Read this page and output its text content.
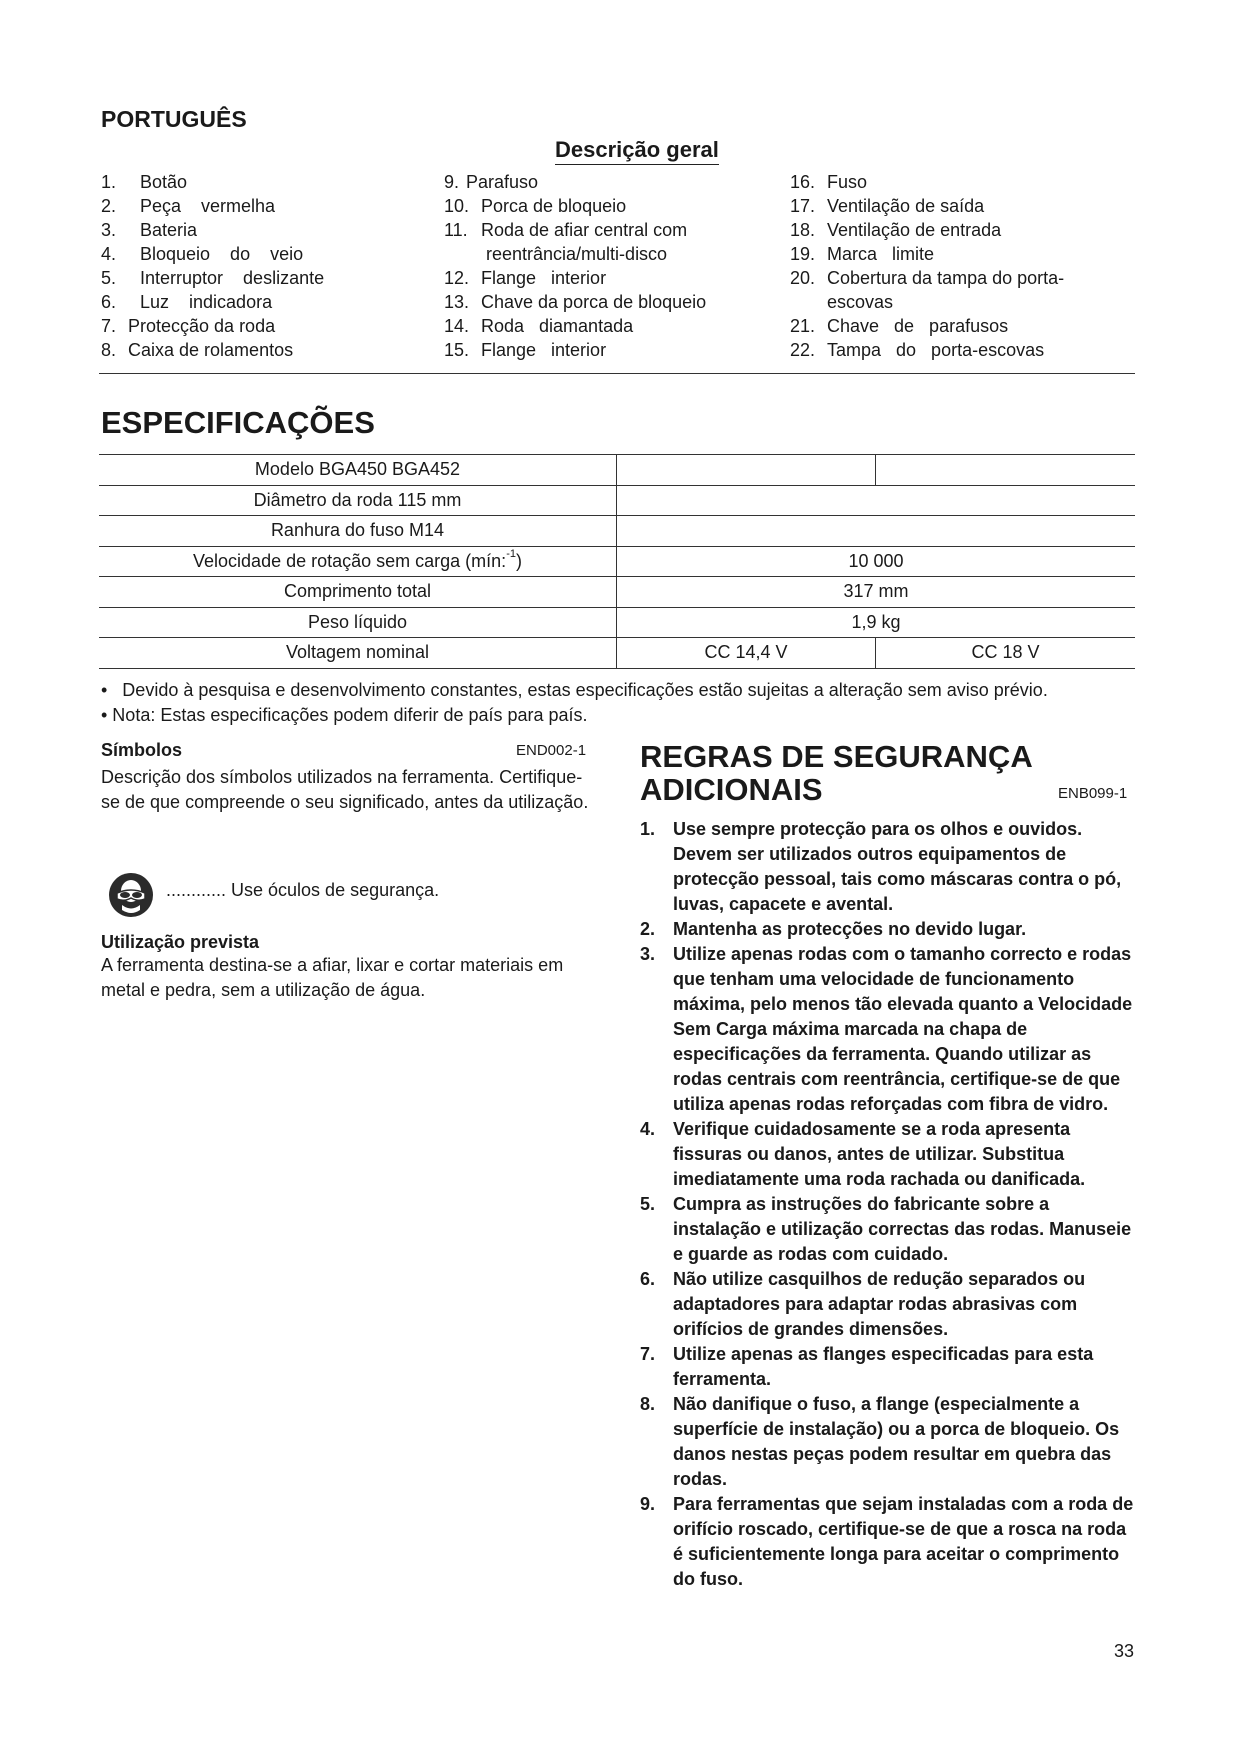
PORTUGUÊS
Descrição geral
1. Botão
2. Peça    vermelha
3. Bateria
4. Bloqueio    do    veio
5. Interruptor    deslizante
6. Luz    indicadora
7. Protecção da roda
8. Caixa de rolamentos
9. Parafuso
10. Porca de bloqueio
11. Roda de afiar central com
reentrância/multi-disco
12. Flange   interior
13. Chave da porca de bloqueio
14. Roda   diamantada
15. Flange   interior
16. Fuso
17. Ventilação de saída
18. Ventilação de entrada
19. Marca   limite
20. Cobertura da tampa do porta-
escovas
21. Chave   de   parafusos
22. Tampa   do   porta-escovas
ESPECIFICAÇÕES
Modelo BGA450 BGA452		
Diâmetro da roda 115 mm		
Ranhura do fuso M14		
Velocidade de rotação sem carga (mín:$^{-1}$)	10 000	
Comprimento total	317 mm	
Peso líquido	1,9 kg	
Voltagem nominal	CC 14,4 V	CC 18 V
•   Devido à pesquisa e desenvolvimento constantes, estas especificações estão sujeitas a alteração sem aviso prévio.
• Nota: Estas especificações podem diferir de país para país.
Símbolos	END002-1
Descrição dos símbolos utilizados na ferramenta. Certifique-se de que compreende o seu significado, antes da utilização.
............ Use óculos de segurança.
Utilização prevista
A ferramenta destina-se a afiar, lixar e cortar materiais em metal e pedra, sem a utilização de água.
REGRAS DE SEGURANÇA
ADICIONAIS	ENB099-1
1. Use sempre protecção para os olhos e ouvidos. Devem ser utilizados outros equipamentos de protecção pessoal, tais como máscaras contra o pó, luvas, capacete e avental.
2. Mantenha as protecções no devido lugar.
3. Utilize apenas rodas com o tamanho correcto e rodas que tenham uma velocidade de funcionamento máxima, pelo menos tão elevada quanto a Velocidade Sem Carga máxima marcada na chapa de especificações da ferramenta. Quando utilizar as rodas centrais com reentrância, certifique-se de que utiliza apenas rodas reforçadas com fibra de vidro.
4. Verifique cuidadosamente se a roda apresenta fissuras ou danos, antes de utilizar. Substitua imediatamente uma roda rachada ou danificada.
5. Cumpra as instruções do fabricante sobre a instalação e utilização correctas das rodas. Manuseie e guarde as rodas com cuidado.
6. Não utilize casquilhos de redução separados ou adaptadores para adaptar rodas abrasivas com orifícios de grandes dimensões.
7. Utilize apenas as flanges especificadas para esta ferramenta.
8. Não danifique o fuso, a flange (especialmente a superfície de instalação) ou a porca de bloqueio. Os danos nestas peças podem resultar em quebra das rodas.
9. Para ferramentas que sejam instaladas com a roda de orifício roscado, certifique-se de que a rosca na roda é suficientemente longa para aceitar o comprimento do fuso.
33
